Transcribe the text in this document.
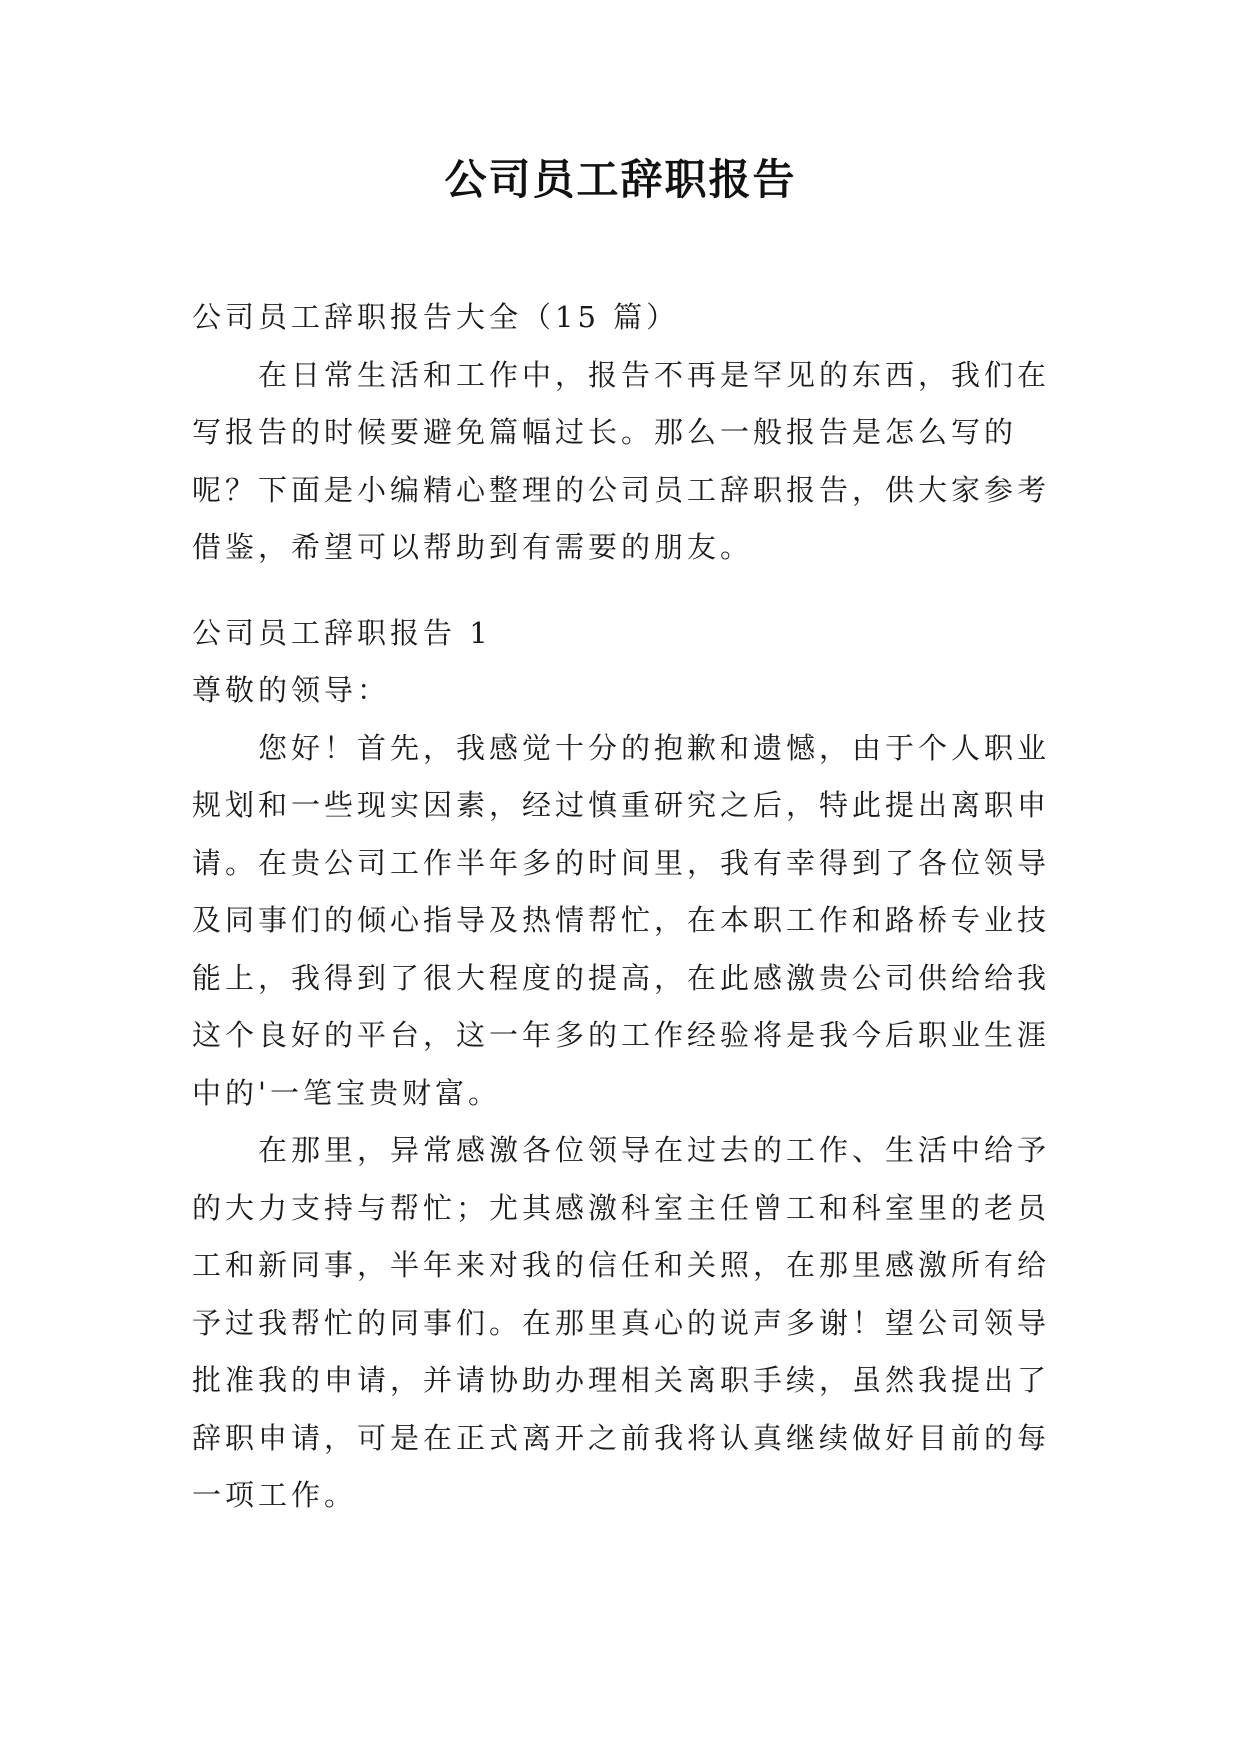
公司员工辞职报告
公司员工辞职报告大全（15 篇）
在日常生活和工作中，报告不再是罕见的东西，我们在
写报告的时候要避免篇幅过长。那么一般报告是怎么写的
呢？下面是小编精心整理的公司员工辞职报告，供大家参考
借鉴，希望可以帮助到有需要的朋友。
公司员工辞职报告 1
尊敬的领导：
您好！首先，我感觉十分的抱歉和遗憾，由于个人职业
规划和一些现实因素，经过慎重研究之后，特此提出离职申
请。在贵公司工作半年多的时间里，我有幸得到了各位领导
及同事们的倾心指导及热情帮忙，在本职工作和路桥专业技
能上，我得到了很大程度的提高，在此感激贵公司供给给我
这个良好的平台，这一年多的工作经验将是我今后职业生涯
中的'一笔宝贵财富。
在那里，异常感激各位领导在过去的工作、生活中给予
的大力支持与帮忙；尤其感激科室主任曾工和科室里的老员
工和新同事，半年来对我的信任和关照，在那里感激所有给
予过我帮忙的同事们。在那里真心的说声多谢！望公司领导
批准我的申请，并请协助办理相关离职手续，虽然我提出了
辞职申请，可是在正式离开之前我将认真继续做好目前的每
一项工作。
